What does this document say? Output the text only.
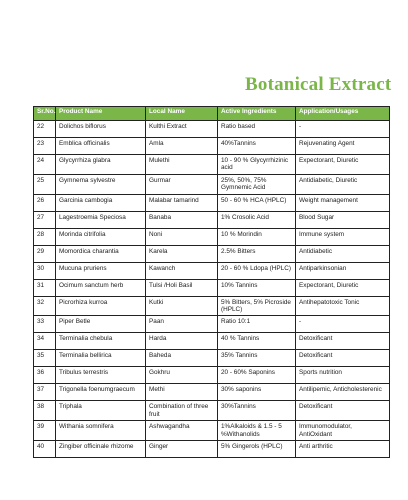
Botanical Extract
Sr.No.	Product Name	Local Name	Active Ingredients	Application/Usages
22	Dolichos biflorus	Kulthi Extract	Ratio based	-
23	Emblica officinalis	Amla	40%Tannins	Rejuvenating Agent
24	Glycyrrhiza glabra	Mulethi	10 - 90 % Glycyrrhizinic acid	Expectorant, Diuretic
25	Gymnema sylvestre	Gurmar	25%, 50%, 75% Gymnemic Acid	Antidiabetic, Diuretic
26	Garcinia cambogia	Malabar tamarind	50 - 60 % HCA (HPLC)	Weight management
27	Lagestroemia Speciosa	Banaba	1% Crosolic Acid	Blood Sugar
28	Morinda citrifolia	Noni	10 % Morindin	Immune system
29	Momordica charantia	Karela	2.5% Bitters	Antidiabetic
30	Mucuna pruriens	Kawanch	20 - 60 % Ldopa (HPLC)	Antiparkinsonian
31	Ocimum sanctum herb	Tulsi /Holi Basil	10% Tannins	Expectorant, Diuretic
32	Picrorhiza kurroa	Kutki	5% Bitters, 5% Picroside (HPLC)	Antihepatotoxic Tonic
33	Piper Betle	Paan	Ratio 10:1	-
34	Terminalia chebula	Harda	40 % Tannins	Detoxificant
35	Terminalia bellirica	Baheda	35% Tannins	Detoxificant
36	Tribulus terrestris	Gokhru	20 - 60% Saponins	Sports nutrition
37	Trigonella foenumgraecum	Methi	30% saponins	Antilipemic, Anticholesterenic
38	Triphala	Combination of three fruit	30%Tannins	Detoxificant
39	Withania somnifera	Ashwagandha	1%Alkaloids & 1.5 - 5 %Withanolids	Immunomodulator, AntiOxidant
40	Zingiber officinale rhizome	Ginger	5% Gingerols (HPLC)	Anti arthritic
